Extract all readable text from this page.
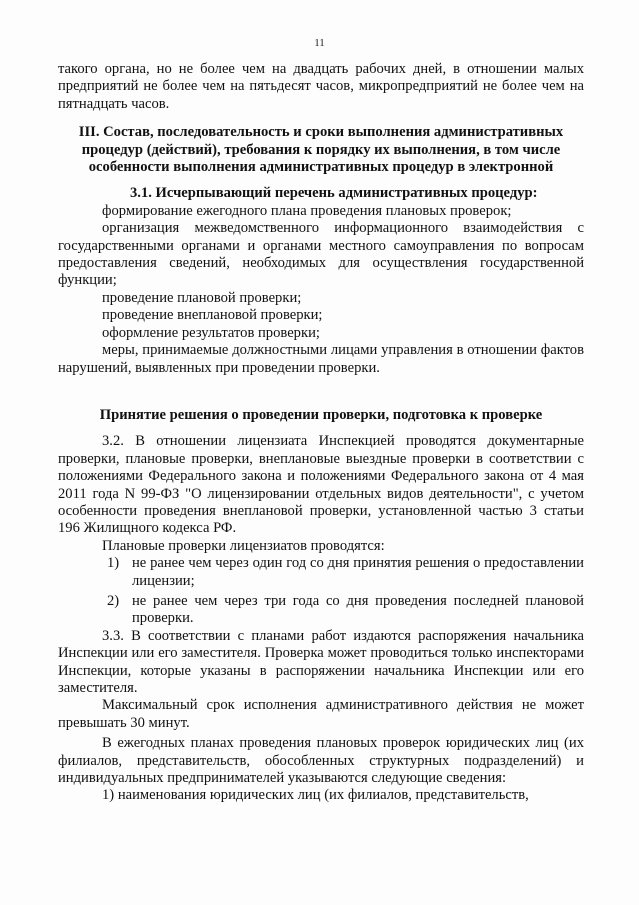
11

такого органа, но не более чем на двадцать рабочих дней, в отношении малых предприятий не более чем на пятьдесят часов, микропредприятий не более чем на пятнадцать часов.

III. Состав, последовательность и сроки выполнения административных процедур (действий), требования к порядку их выполнения, в том числе особенности выполнения административных процедур в электронной

3.1. Исчерпывающий перечень административных процедур:

формирование ежегодного плана проведения плановых проверок;

организация межведомственного информационного взаимодействия с государственными органами и органами местного самоуправления по вопросам предоставления сведений, необходимых для осуществления государственной функции;

проведение плановой проверки;

проведение внеплановой проверки;

оформление результатов проверки;

меры, принимаемые должностными лицами управления в отношении фактов нарушений, выявленных при проведении проверки.

Принятие решения о проведении проверки, подготовка к проверке

3.2. В отношении лицензиата Инспекцией проводятся документарные проверки, плановые проверки, внеплановые выездные проверки в соответствии с положениями Федерального закона и положениями Федерального закона от 4 мая 2011 года N 99-ФЗ "О лицензировании отдельных видов деятельности", с учетом особенности проведения внеплановой проверки, установленной частью 3 статьи 196 Жилищного кодекса РФ.

Плановые проверки лицензиатов проводятся:

1) не ранее чем через один год со дня принятия решения о предоставлении лицензии;
2) не ранее чем через три года со дня проведения последней плановой проверки.

3.3. В соответствии с планами работ издаются распоряжения начальника Инспекции или его заместителя. Проверка может проводиться только инспекторами Инспекции, которые указаны в распоряжении начальника Инспекции или его заместителя.

Максимальный срок исполнения административного действия не может превышать 30 минут.

В ежегодных планах проведения плановых проверок юридических лиц (их филиалов, представительств, обособленных структурных подразделений) и индивидуальных предпринимателей указываются следующие сведения:

1) наименования юридических лиц (их филиалов, представительств,
